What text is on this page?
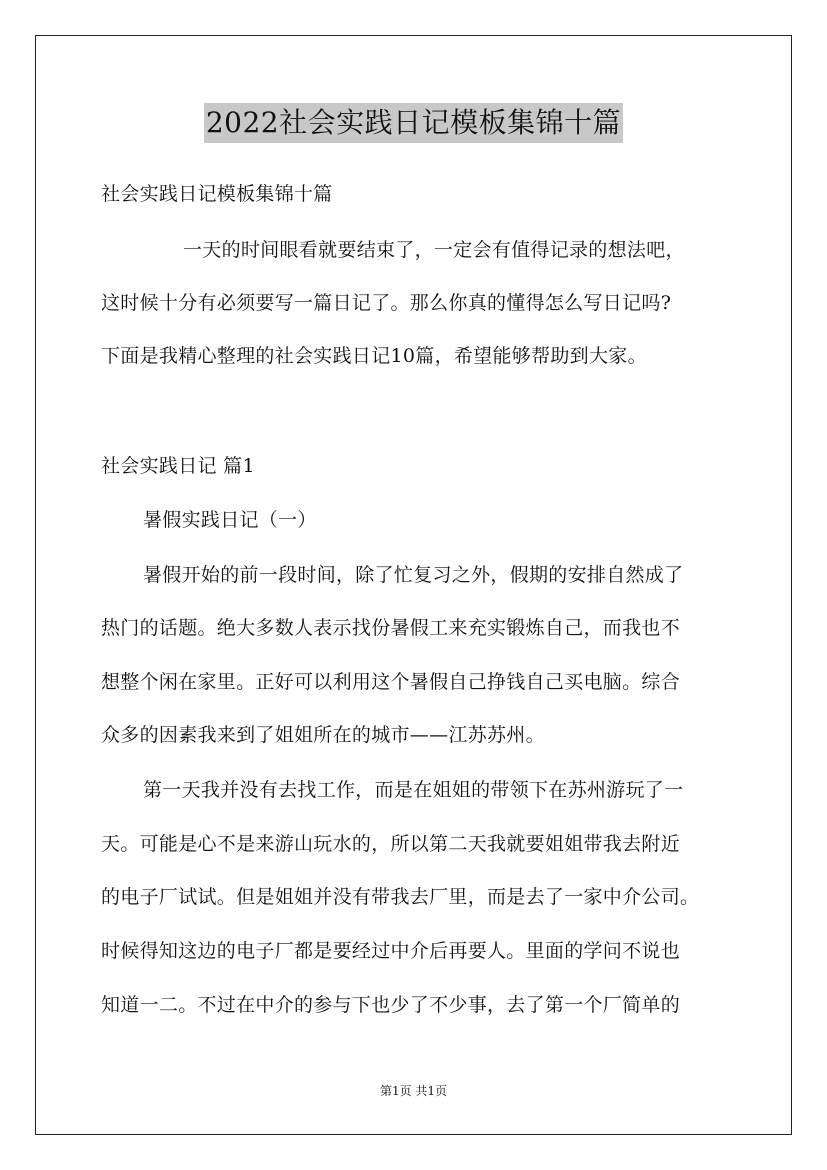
2022社会实践日记模板集锦十篇
社会实践日记模板集锦十篇
一天的时间眼看就要结束了，一定会有值得记录的想法吧，
这时候十分有必须要写一篇日记了。那么你真的懂得怎么写日记吗?
下面是我精心整理的社会实践日记10篇，希望能够帮助到大家。
社会实践日记 篇1
暑假实践日记（一）
暑假开始的前一段时间，除了忙复习之外，假期的安排自然成了
热门的话题。绝大多数人表示找份暑假工来充实锻炼自己，而我也不
想整个闲在家里。正好可以利用这个暑假自己挣钱自己买电脑。综合
众多的因素我来到了姐姐所在的城市——江苏苏州。
第一天我并没有去找工作，而是在姐姐的带领下在苏州游玩了一
天。可能是心不是来游山玩水的，所以第二天我就要姐姐带我去附近
的电子厂试试。但是姐姐并没有带我去厂里，而是去了一家中介公司。
时候得知这边的电子厂都是要经过中介后再要人。里面的学问不说也
知道一二。不过在中介的参与下也少了不少事，去了第一个厂简单的
第1页 共1页
